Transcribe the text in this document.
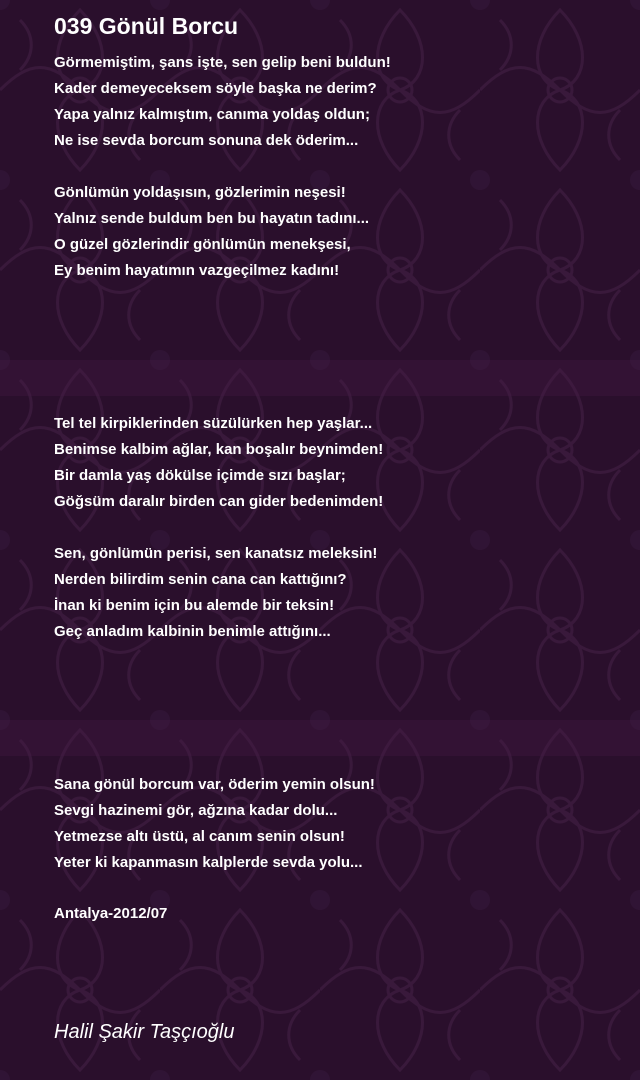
039 Gönül Borcu
Görmemiştim, şans işte, sen gelip beni buldun!
Kader demeyeceksem söyle başka ne derim?
Yapa yalnız kalmıştım, canıma yoldaş oldun;
Ne ise sevda borcum sonuna dek öderim...
Gönlümün yoldaşısın, gözlerimin neşesi!
Yalnız sende buldum ben bu hayatın tadını...
O güzel gözlerindir gönlümün menekşesi,
Ey benim hayatımın vazgeçilmez kadını!
Tel tel kirpiklerinden süzülürken hep yaşlar...
Benimse kalbim ağlar, kan boşalır beynimden!
Bir damla yaş dökülse içimde sızı başlar;
Göğsüm daralır birden can gider bedenimden!
Sen, gönlümün perisi, sen kanatsız meleksin!
Nerden bilirdim senin cana can kattığını?
İnan ki benim için bu alemde bir teksin!
Geç anladım kalbinin benimle attığını...
Sana gönül borcum var, öderim yemin olsun!
Sevgi hazinemi gör, ağzına kadar dolu...
Yetmezse altı üstü, al canım senin olsun!
Yeter ki kapanmasın kalplerde sevda yolu...
Antalya-2012/07
Halil Şakir Taşçıoğlu
